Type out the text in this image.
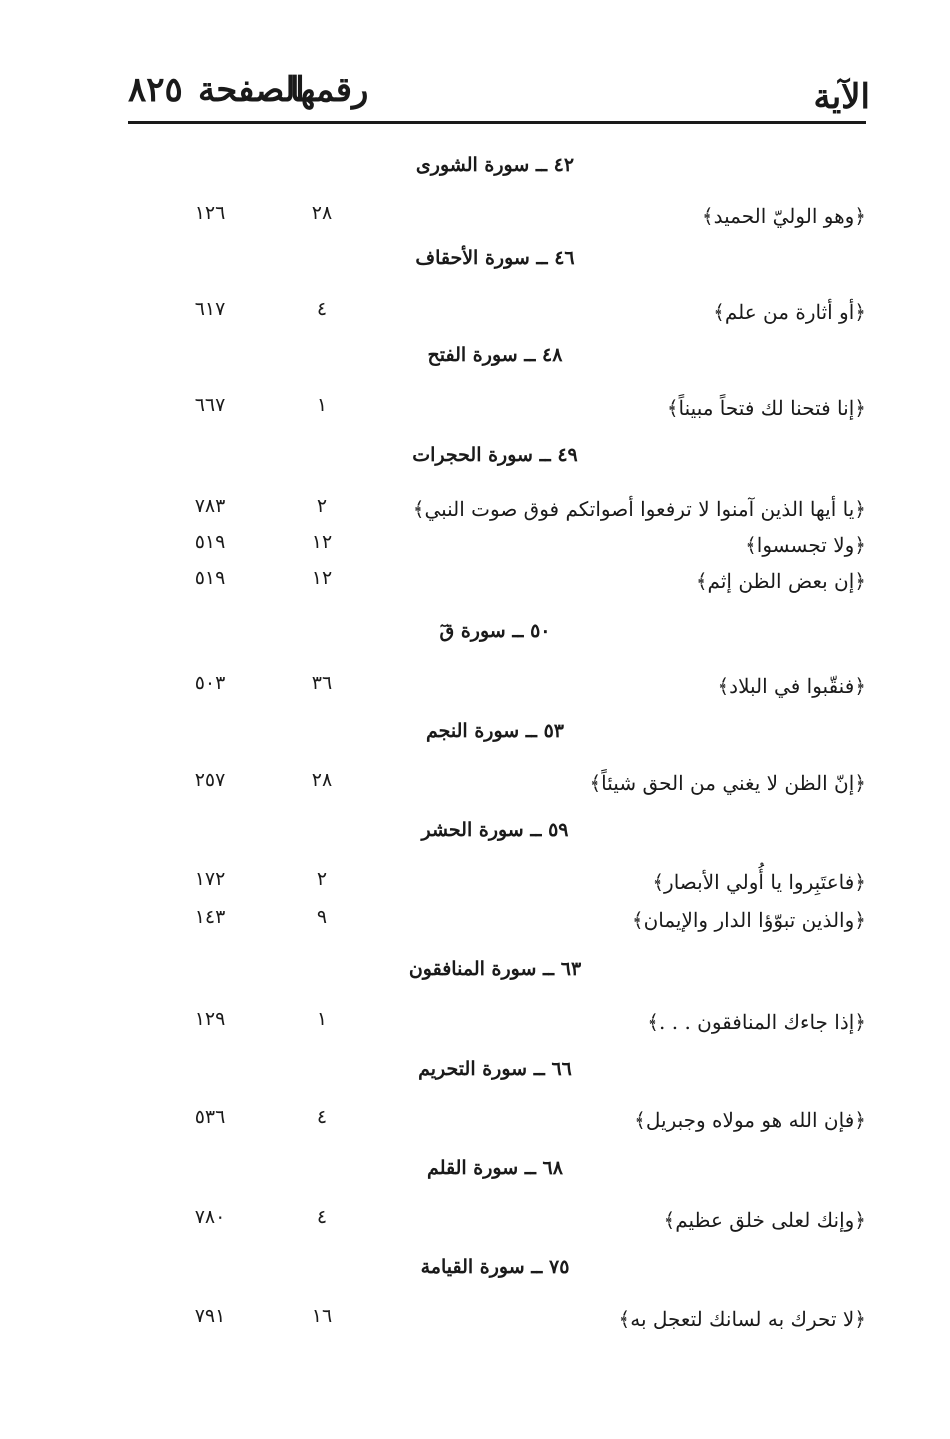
الآية
رقمها
الصفحة
٨٢٥
٤٢ ــ سورة الشورى
﴿وهو الوليّ الحميد﴾
٢٨
١٢٦
٤٦ ــ سورة الأحقاف
﴿أو أثارة من علم﴾
٤
٦١٧
٤٨ ــ سورة الفتح
﴿إنا فتحنا لك فتحاً مبيناً﴾
١
٦٦٧
٤٩ ــ سورة الحجرات
﴿يا أيها الذين آمنوا لا ترفعوا أصواتكم فوق صوت النبي﴾
٢
٧٨٣
﴿ولا تجسسوا﴾
١٢
٥١٩
﴿إن بعض الظن إثم﴾
١٢
٥١٩
٥٠ ــ سورة قٓ
﴿فنقّبوا في البلاد﴾
٣٦
٥٠٣
٥٣ ــ سورة النجم
﴿إنّ الظن لا يغني من الحق شيئاً﴾
٢٨
٢٥٧
٥٩ ــ سورة الحشر
﴿فاعتَبِروا يا أُولي الأبصار﴾
٢
١٧٢
﴿والذين تبوّؤا الدار والإيمان﴾
٩
١٤٣
٦٣ ــ سورة المنافقون
﴿إذا جاءك المنافقون . . .﴾
١
١٢٩
٦٦ ــ سورة التحريم
﴿فإن الله هو مولاه وجبريل﴾
٤
٥٣٦
٦٨ ــ سورة القلم
﴿وإنك لعلى خلق عظيم﴾
٤
٧٨٠
٧٥ ــ سورة القيامة
﴿لا تحرك به لسانك لتعجل به﴾
١٦
٧٩١
